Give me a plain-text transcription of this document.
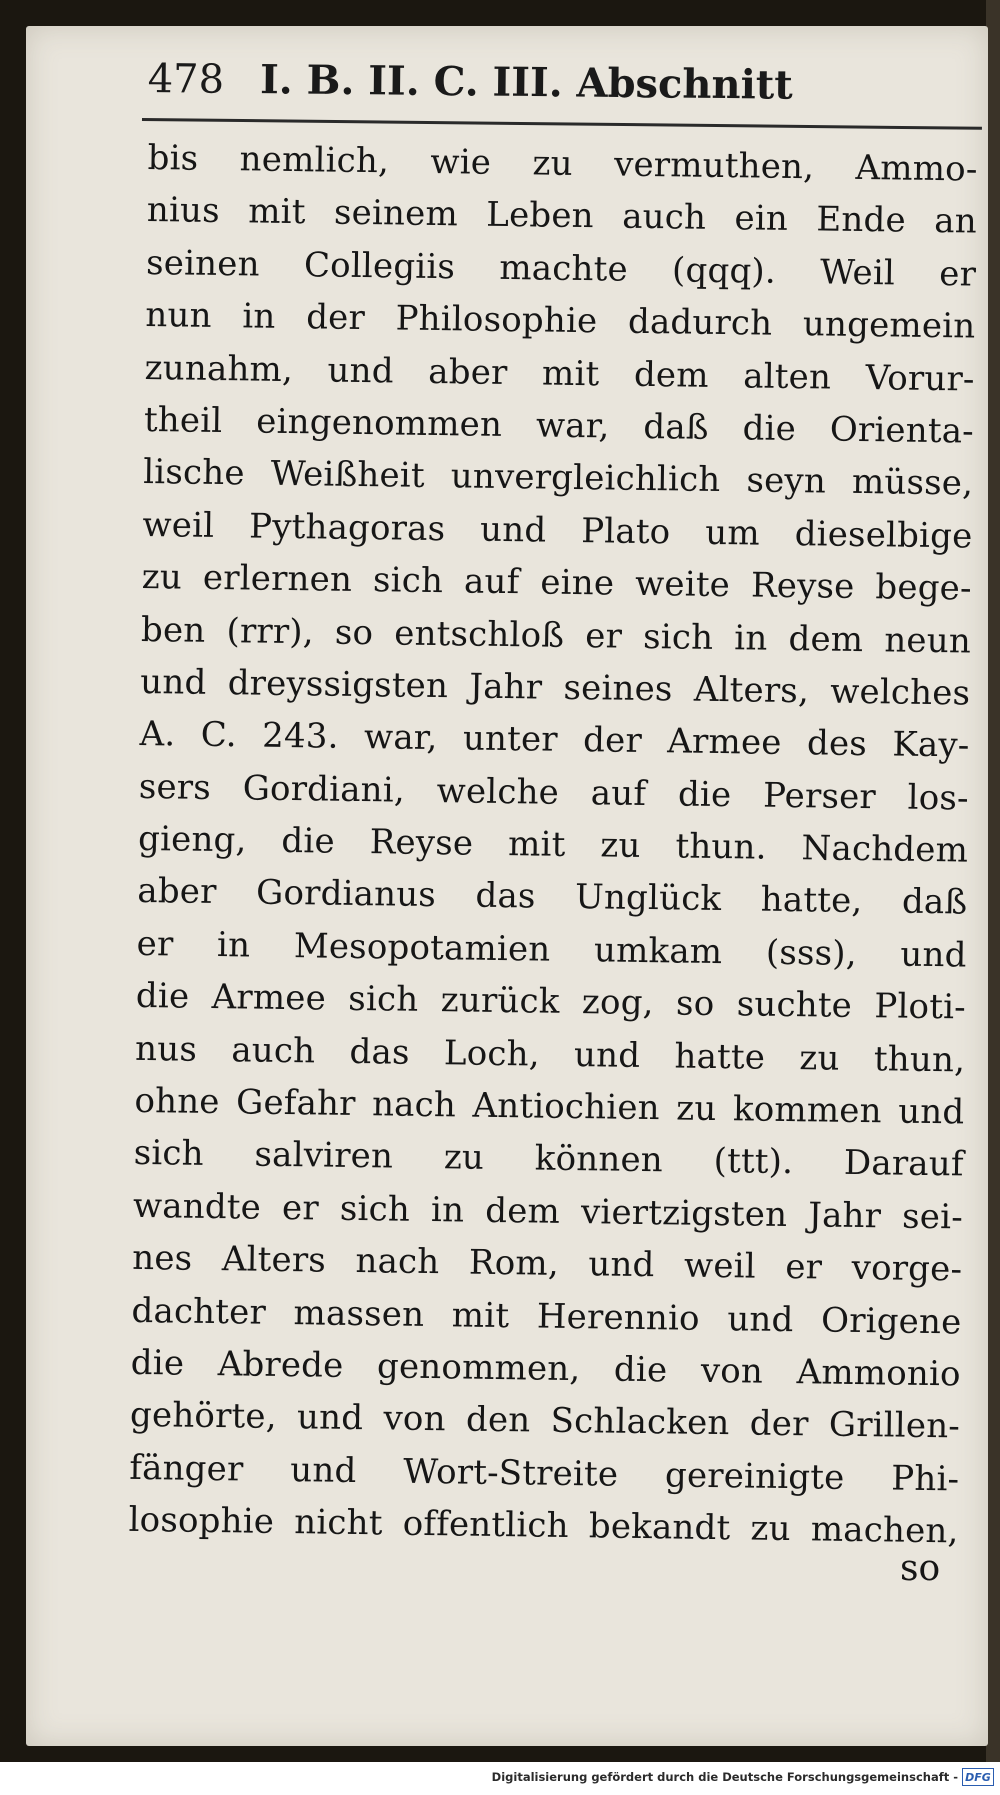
478 I. B. II. C. III. Abschnitt
bis nemlich, wie zu vermuthen, Ammo-
nius mit seinem Leben auch ein Ende an
seinen Collegiis machte (qqq). Weil er
nun in der Philosophie dadurch ungemein
zunahm, und aber mit dem alten Vorur-
theil eingenommen war, daß die Orienta-
lische Weißheit unvergleichlich seyn müsse,
weil Pythagoras und Plato um dieselbige
zu erlernen sich auf eine weite Reyse bege-
ben (rrr), so entschloß er sich in dem neun
und dreyssigsten Jahr seines Alters, welches
A. C. 243. war, unter der Armee des Kay-
sers Gordiani, welche auf die Perser los-
gieng, die Reyse mit zu thun. Nachdem
aber Gordianus das Unglück hatte, daß
er in Mesopotamien umkam (sss), und
die Armee sich zurück zog, so suchte Ploti-
nus auch das Loch, und hatte zu thun,
ohne Gefahr nach Antiochien zu kommen und
sich salviren zu können (ttt). Darauf
wandte er sich in dem viertzigsten Jahr sei-
nes Alters nach Rom, und weil er vorge-
dachter massen mit Herennio und Origene
die Abrede genommen, die von Ammonio
gehörte, und von den Schlacken der Grillen-
fänger und Wort-Streite gereinigte Phi-
losophie nicht offentlich bekandt zu machen,
so
Digitalisierung gefördert durch die Deutsche Forschungsgemeinschaft - DFG
